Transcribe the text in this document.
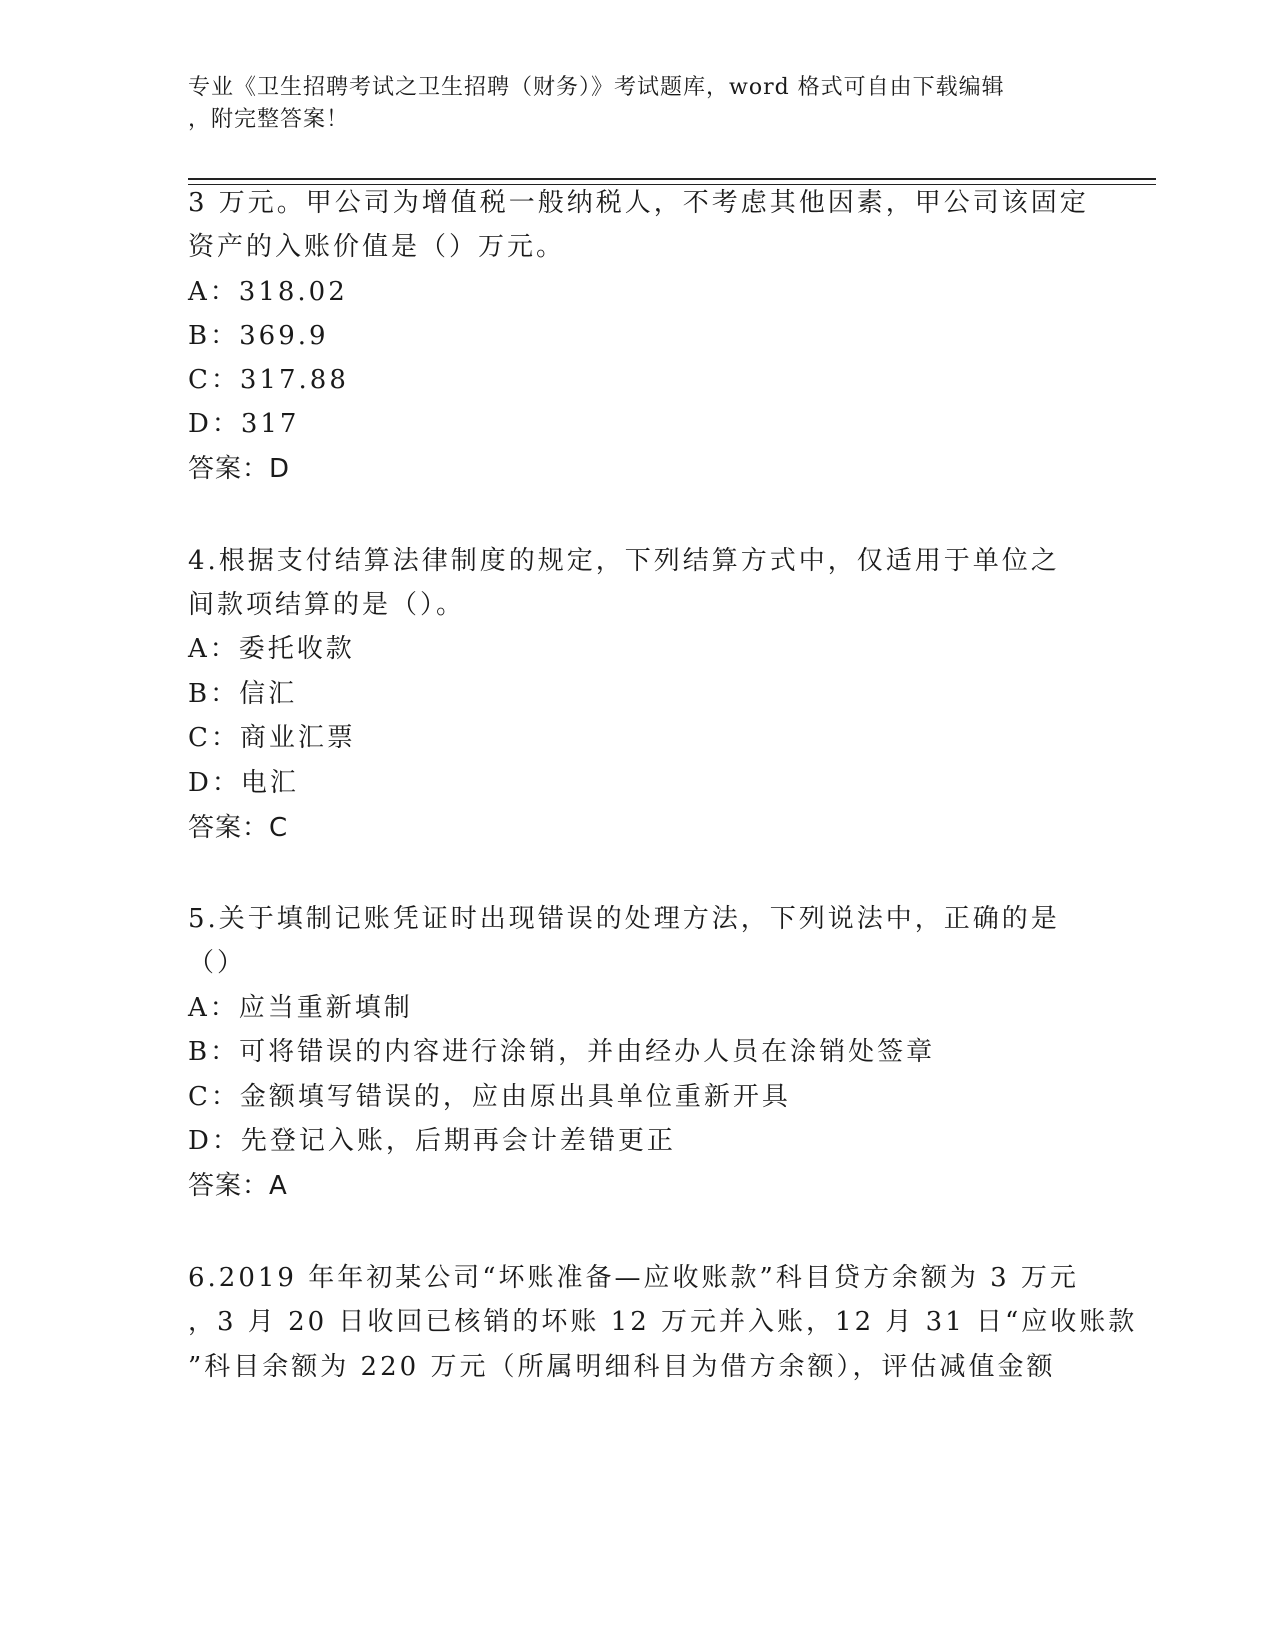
专业《卫生招聘考试之卫生招聘（财务）》考试题库，word 格式可自由下载编辑
，附完整答案！
3 万元。甲公司为增值税一般纳税人，不考虑其他因素，甲公司该固定
资产的入账价值是（）万元。
A：318.02
B：369.9
C：317.88
D：317
答案：D
4.根据支付结算法律制度的规定，下列结算方式中，仅适用于单位之
间款项结算的是（）。
A：委托收款
B：信汇
C：商业汇票
D：电汇
答案：C
5.关于填制记账凭证时出现错误的处理方法，下列说法中，正确的是
（）
A：应当重新填制
B：可将错误的内容进行涂销，并由经办人员在涂销处签章
C：金额填写错误的，应由原出具单位重新开具
D：先登记入账，后期再会计差错更正
答案：A
6.2019 年年初某公司“坏账准备—应收账款”科目贷方余额为 3 万元
，3 月 20 日收回已核销的坏账 12 万元并入账，12 月 31 日“应收账款
”科目余额为 220 万元（所属明细科目为借方余额），评估减值金额
